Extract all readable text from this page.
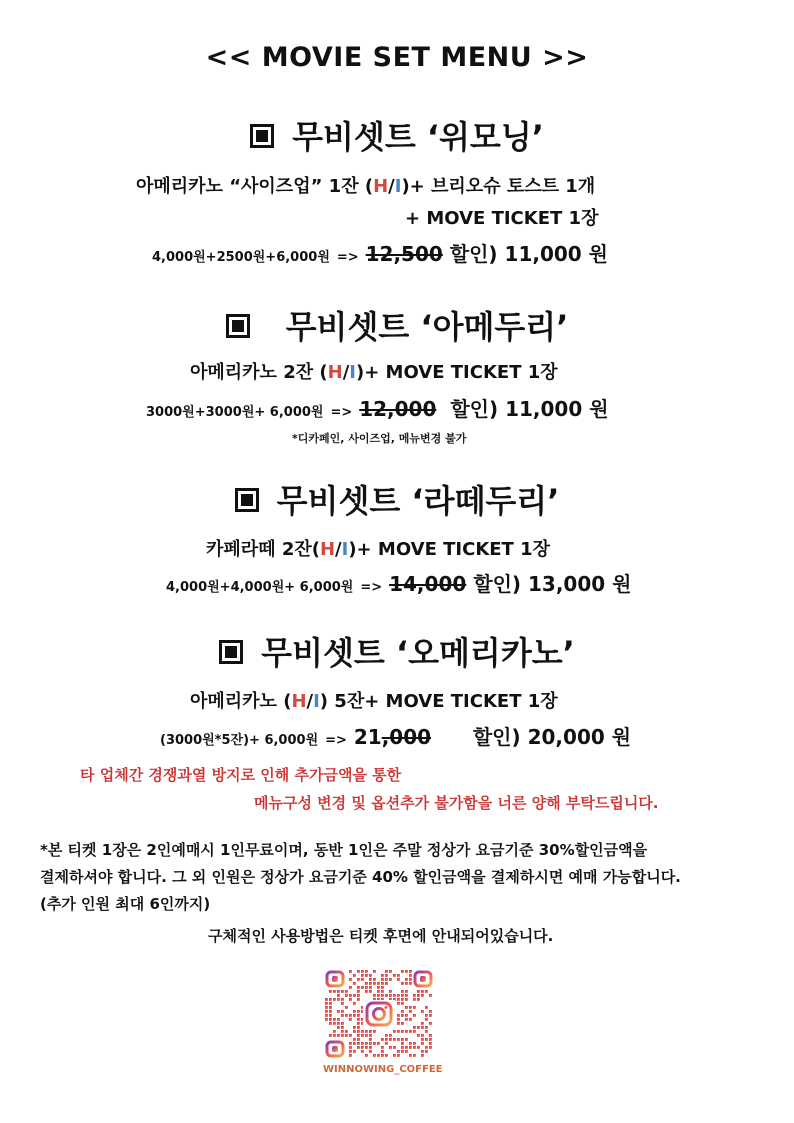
<< MOVIE SET MENU >>
무비셋트 ‘위모닝’
아메리카노 “사이즈업” 1잔 (H/I)+ 브리오슈 토스트 1개
+ MOVE TICKET 1장
4,000원+2500원+6,000원 => 12,500 할인) 11,000 원
무비셋트 ‘아메두리’
아메리카노 2잔 (H/I)+ MOVE TICKET 1장
3000원+3000원+ 6,000원 => 12,000 할인) 11,000 원
*디카페인, 사이즈업, 메뉴변경 불가
무비셋트 ‘라떼두리’
카페라떼 2잔(H/I)+ MOVE TICKET 1장
4,000원+4,000원+ 6,000원 => 14,000 할인) 13,000 원
무비셋트 ‘오메리카노’
아메리카노 (H/I) 5잔+ MOVE TICKET 1장
(3000원*5잔)+ 6,000원 => 21,000 할인) 20,000 원
타 업체간 경쟁과열 방지로 인해 추가금액을 통한
메뉴구성 변경 및 옵션추가 불가함을 너른 양해 부탁드립니다.
*본 티켓 1장은 2인예매시 1인무료이며, 동반 1인은 주말 정상가 요금기준 30%할인금액을
결제하셔야 합니다. 그 외 인원은 정상가 요금기준 40% 할인금액을 결제하시면 예매 가능합니다.
(추가 인원 최대 6인까지)
구체적인 사용방법은 티켓 후면에 안내되어있습니다.
WINNOWING_COFFEE
